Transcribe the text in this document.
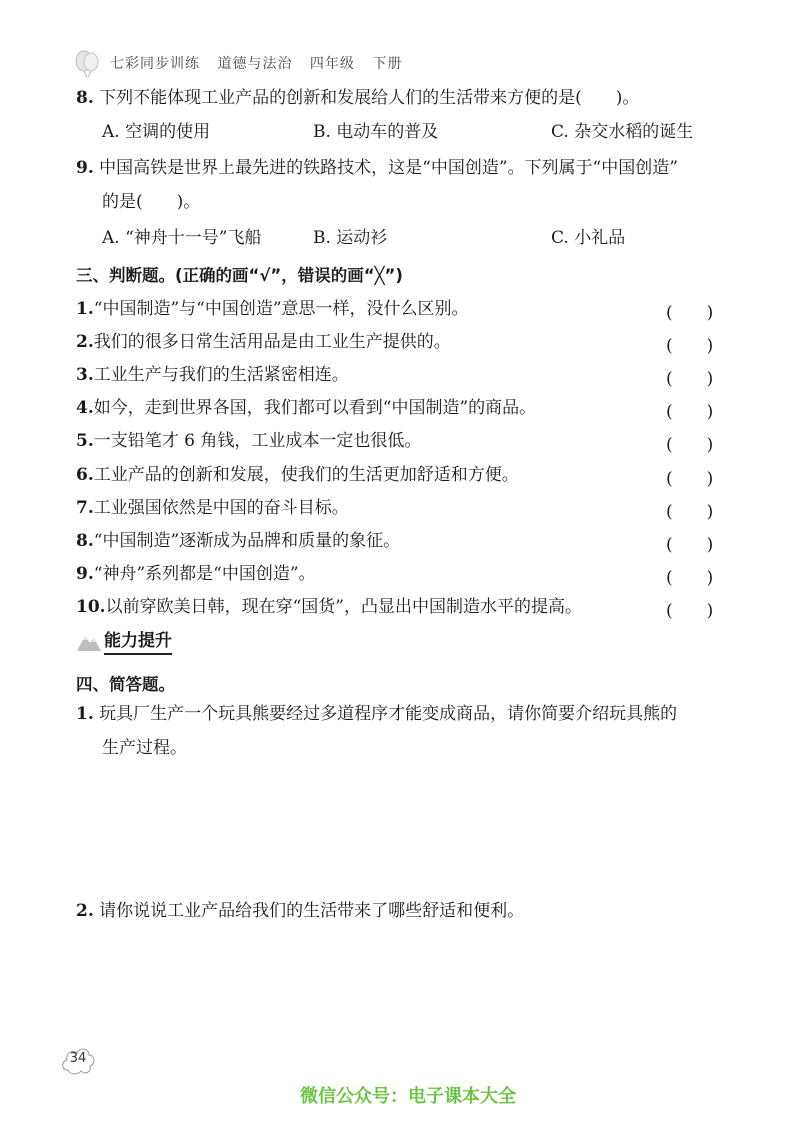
七彩同步训练 道德与法治 四年级 下册
8. 下列不能体现工业产品的创新和发展给人们的生活带来方便的是(　　)。
A. 空调的使用	B. 电动车的普及	C. 杂交水稻的诞生
9. 中国高铁是世界上最先进的铁路技术，这是“中国创造”。下列属于“中国创造”
的是(　　)。
A. “神舟十一号”飞船	B. 运动衫	C. 小礼品
三、判断题。(正确的画“√”，错误的画“╳”)
1.“中国制造”与“中国创造”意思一样，没什么区别。	(　　)
2.我们的很多日常生活用品是由工业生产提供的。	(　　)
3.工业生产与我们的生活紧密相连。	(　　)
4.如今，走到世界各国，我们都可以看到“中国制造”的商品。	(　　)
5.一支铅笔才 6 角钱，工业成本一定也很低。	(　　)
6.工业产品的创新和发展，使我们的生活更加舒适和方便。	(　　)
7.工业强国依然是中国的奋斗目标。	(　　)
8.“中国制造”逐渐成为品牌和质量的象征。	(　　)
9.“神舟”系列都是“中国创造”。	(　　)
10.以前穿欧美日韩，现在穿“国货”，凸显出中国制造水平的提高。	(　　)
能力提升
四、简答题。
1. 玩具厂生产一个玩具熊要经过多道程序才能变成商品，请你简要介绍玩具熊的
生产过程。
2. 请你说说工业产品给我们的生活带来了哪些舒适和便利。
34
微信公众号：电子课本大全
